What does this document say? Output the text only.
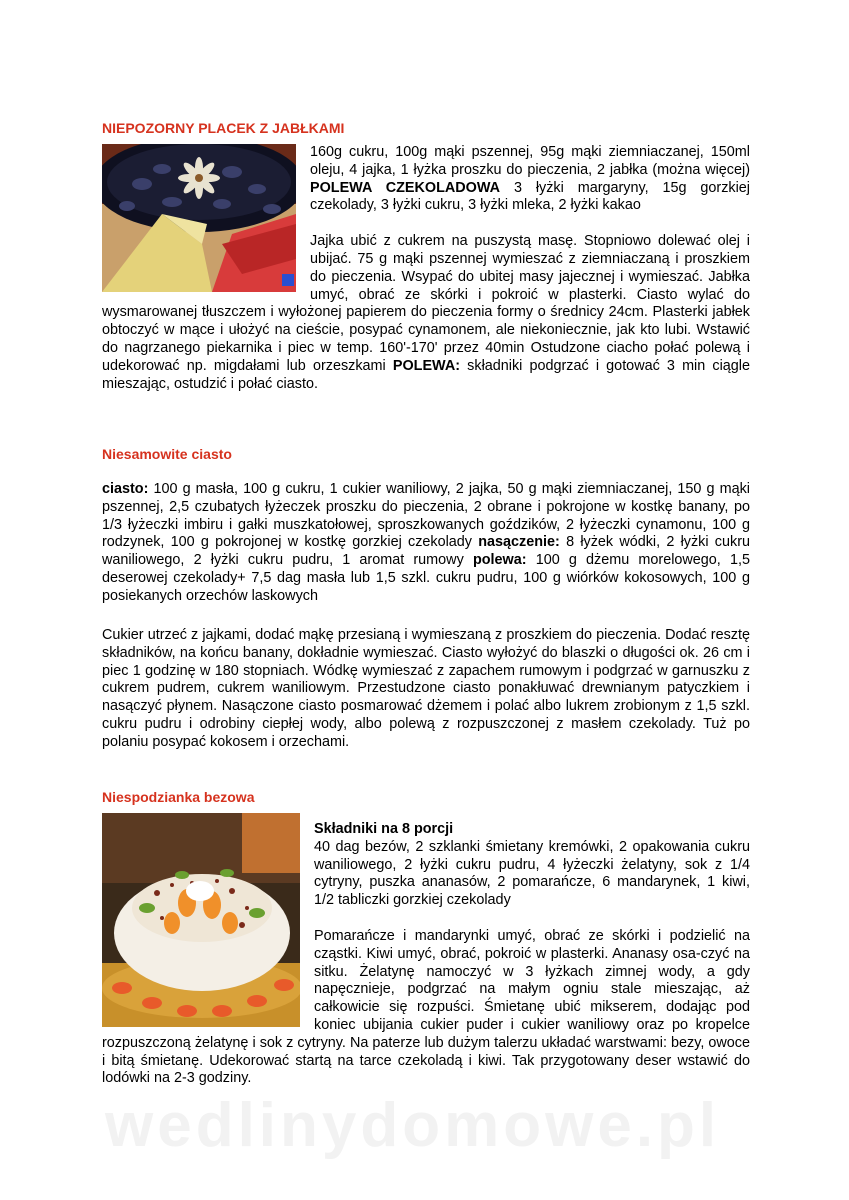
NIEPOZORNY PLACEK Z JABŁKAMI
160g cukru, 100g mąki pszennej, 95g mąki ziemniaczanej, 150ml oleju, 4 jajka, 1 łyżka proszku do pieczenia, 2 jabłka (można więcej) POLEWA CZEKOLADOWA 3 łyżki margaryny, 15g gorzkiej czekolady, 3 łyżki cukru, 3 łyżki mleka, 2 łyżki kakao
Jajka ubić z cukrem na puszystą masę. Stopniowo dolewać olej i ubijać. 75 g mąki pszennej wymieszać z ziemniaczaną i proszkiem do pieczenia. Wsypać do ubitej masy jajecznej i wymieszać. Jabłka umyć, obrać ze skórki i pokroić w plasterki. Ciasto wylać do wysmarowanej tłuszczem i wyłożonej papierem do pieczenia formy o średnicy 24cm. Plasterki jabłek obtoczyć w mące i ułożyć na cieście, posypać cynamonem, ale niekoniecznie, jak kto lubi. Wstawić do nagrzanego piekarnika i piec w temp. 160'-170' przez 40min Ostudzone ciacho połać polewą i udekorować np. migdałami lub orzeszkami POLEWA: składniki podgrzać i gotować 3 min ciągle mieszając, ostudzić i połać ciasto.
Niesamowite ciasto
ciasto: 100 g masła, 100 g cukru, 1 cukier waniliowy, 2 jajka, 50 g mąki ziemniaczanej, 150 g mąki pszennej, 2,5 czubatych łyżeczek proszku do pieczenia, 2 obrane i pokrojone w kostkę banany, po 1/3 łyżeczki imbiru i gałki muszkatołowej, sproszkowanych goździków, 2 łyżeczki cynamonu, 100 g rodzynek, 100 g pokrojonej w kostkę gorzkiej czekolady nasączenie: 8 łyżek wódki, 2 łyżki cukru waniliowego, 2 łyżki cukru pudru, 1 aromat rumowy polewa: 100 g dżemu morelowego, 1,5 deserowej czekolady+ 7,5 dag masła lub 1,5 szkl. cukru pudru, 100 g wiórków kokosowych, 100 g posiekanych orzechów laskowych
Cukier utrzeć z jajkami, dodać mąkę przesianą i wymieszaną z proszkiem do pieczenia. Dodać resztę składników, na końcu banany, dokładnie wymieszać. Ciasto wyłożyć do blaszki o długości ok. 26 cm i piec 1 godzinę w 180 stopniach. Wódkę wymieszać z zapachem rumowym i podgrzać w garnuszku z cukrem pudrem, cukrem waniliowym. Przestudzone ciasto ponakłuwać drewnianym patyczkiem i nasączyć płynem. Nasączone ciasto posmarować dżemem i polać albo lukrem zrobionym z 1,5 szkl. cukru pudru i odrobiny ciepłej wody, albo polewą z rozpuszczonej z masłem czekolady. Tuż po polaniu posypać kokosem i orzechami.
Niespodzianka bezowa
Składniki na 8 porcji
40 dag bezów, 2 szklanki śmietany kremówki, 2 opakowania cukru waniliowego, 2 łyżki cukru pudru, 4 łyżeczki żelatyny, sok z 1/4 cytryny, puszka ananasów, 2 pomarańcze, 6 mandarynek, 1 kiwi, 1/2 tabliczki gorzkiej czekolady
Pomarańcze i mandarynki umyć, obrać ze skórki i podzielić na cząstki. Kiwi umyć, obrać, pokroić w plasterki. Ananasy osa-czyć na sitku. Żelatynę namoczyć w 3 łyżkach zimnej wody, a gdy napęcznieje, podgrzać na małym ogniu stale mieszając, aż całkowicie się rozpuści. Śmietanę ubić mikserem, dodając pod koniec ubijania cukier puder i cukier waniliowy oraz po kropelce rozpuszczoną żelatynę i sok z cytryny. Na paterze lub dużym talerzu układać warstwami: bezy, owoce i bitą śmietanę. Udekorować startą na tarce czekoladą i kiwi. Tak przygotowany deser wstawić do lodówki na 2-3 godziny.
wedlinydomowe.pl
